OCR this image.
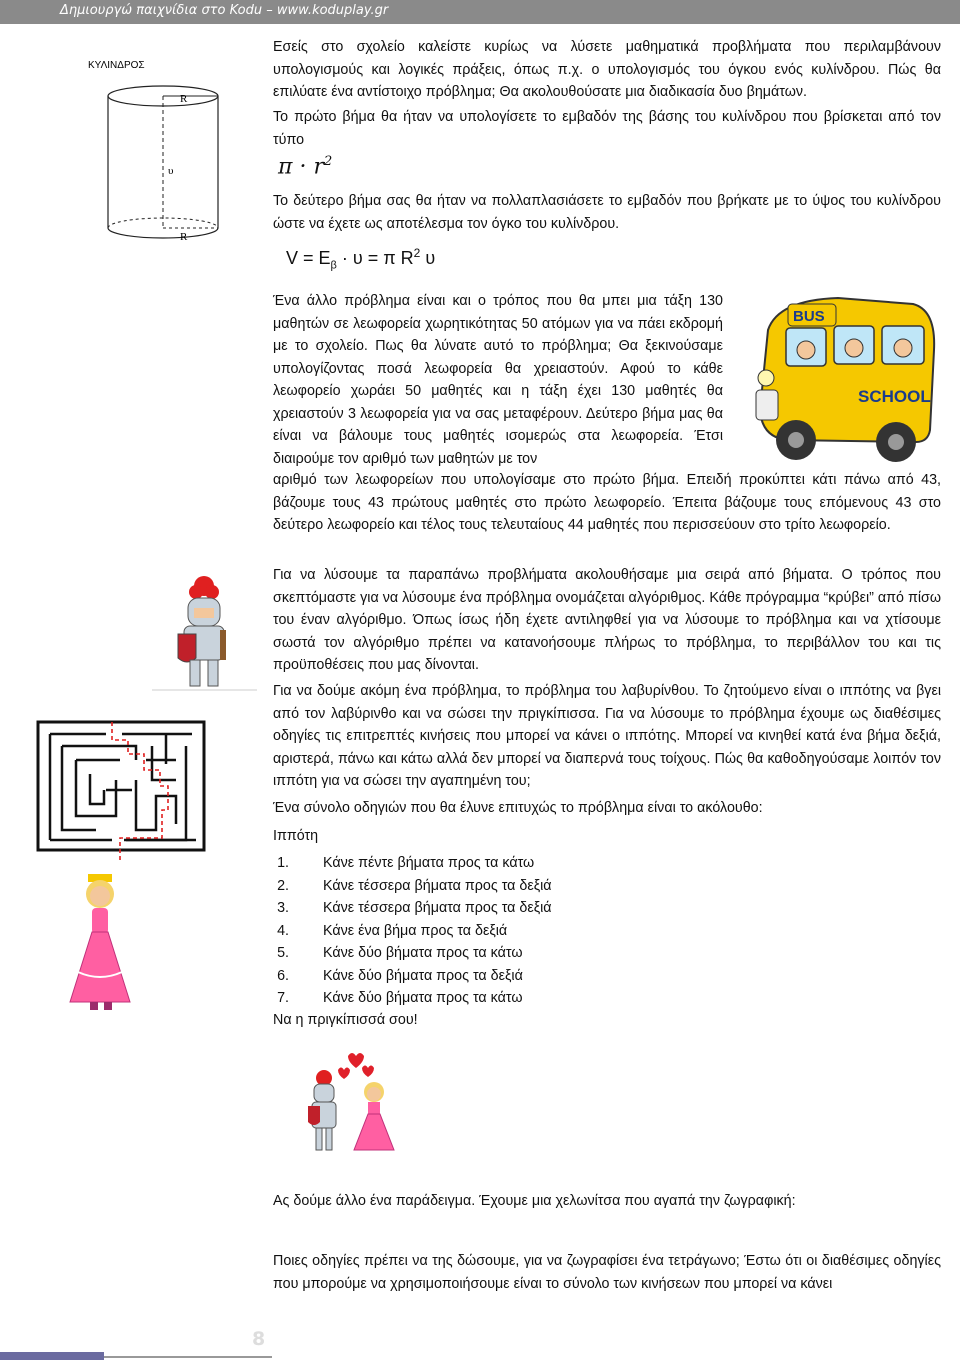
Δημιουργώ παιχνίδια στο Kodu – www.koduplay.gr
ΚΥΛΙΝΔΡΟΣ
R
υ
R

Εσείς στο σχολείο καλείστε κυρίως να λύσετε μαθηματικά προβλήματα που περιλαμβάνουν υπολογισμούς και λογικές πράξεις, όπως π.χ. ο υπολογισμός του όγκου ενός κυλίνδρου. Πώς θα επιλύατε ένα αντίστοιχο πρόβλημα; Θα ακολουθούσατε μια διαδικασία δυο βημάτων.

Το πρώτο βήμα θα ήταν να υπολογίσετε το εμβαδόν της βάσης του κυλίνδρου που βρίσκεται από τον τύπο

$\pi \cdot r^2$

Το δεύτερο βήμα σας θα ήταν να πολλαπλασιάσετε το εμβαδόν που βρήκατε με το ύψος του κυλίνδρου ώστε να έχετε ως αποτέλεσμα τον όγκο του κυλίνδρου.

$V = E_\beta \cdot \upsilon = \pi$ $R^2$ υ
BUS
SCHOOL

Ένα άλλο πρόβλημα είναι και ο τρόπος που θα μπει μια τάξη 130 μαθητών σε λεωφορεία χωρητικότητας 50 ατόμων για να πάει εκδρομή με το σχολείο. Πως θα λύνατε αυτό το πρόβλημα; Θα ξεκινούσαμε υπολογίζοντας ποσά λεωφορεία θα χρειαστούν. Αφού το κάθε λεωφορείο χωράει 50 μαθητές και η τάξη έχει 130 μαθητές θα χρειαστούν 3 λεωφορεία για να σας μεταφέρουν. Δεύτερο βήμα μας θα είναι να βάλουμε τους μαθητές ισομερώς στα λεωφορεία. Έτσι διαιρούμε τον αριθμό των μαθητών με τον

αριθμό των λεωφορείων που υπολογίσαμε στο πρώτο βήμα. Επειδή προκύπτει κάτι πάνω από 43, βάζουμε τους 43 πρώτους μαθητές στο πρώτο λεωφορείο. Έπειτα βάζουμε τους επόμενους 43 στο δεύτερο λεωφορείο και τέλος τους τελευταίους 44 μαθητές που περισσεύουν στο τρίτο λεωφορείο.

Για να λύσουμε τα παραπάνω προβλήματα ακολουθήσαμε μια σειρά από βήματα. Ο τρόπος που σκεπτόμαστε για να λύσουμε ένα πρόβλημα ονομάζεται αλγόριθμος. Κάθε πρόγραμμα “κρύβει” από πίσω του έναν αλγόριθμο. Όπως ίσως ήδη έχετε αντιληφθεί για να λύσουμε το πρόβλημα και να χτίσουμε σωστά τον αλγόριθμο πρέπει να κατανοήσουμε πλήρως το πρόβλημα, το περιβάλλον του και τις προϋποθέσεις που μας δίνονται.

Για να δούμε ακόμη ένα πρόβλημα, το πρόβλημα του λαβυρίνθου. Το ζητούμενο είναι ο ιππότης να βγει από τον λαβύρινθο και να σώσει την πριγκίπισσα. Για να λύσουμε το πρόβλημα έχουμε ως διαθέσιμες οδηγίες τις επιτρεπτές κινήσεις που μπορεί να κάνει ο ιππότης. Μπορεί να κινηθεί κατά ένα βήμα δεξιά, αριστερά, πάνω και κάτω αλλά δεν μπορεί να διαπερνά τους τοίχους. Πώς θα καθοδηγούσαμε λοιπόν τον ιππότη για να σώσει την αγαπημένη του;

Ένα σύνολο οδηγιών που θα έλυνε επιτυχώς το πρόβλημα είναι το ακόλουθο:

Ιππότη

1. Κάνε πέντε βήματα προς τα κάτω
2. Κάνε τέσσερα βήματα προς τα δεξιά
3. Κάνε τέσσερα βήματα προς τα δεξιά
4. Κάνε ένα βήμα προς τα δεξιά
5. Κάνε δύο βήματα προς τα κάτω
6. Κάνε δύο βήματα προς τα δεξιά
7. Κάνε δύο βήματα προς τα κάτω

Να η πριγκίπισσά σου!

Ας δούμε άλλο ένα παράδειγμα. Έχουμε μια χελωνίτσα που αγαπά την ζωγραφική:

Ποιες οδηγίες πρέπει να της δώσουμε, για να ζωγραφίσει ένα τετράγωνο; Έστω ότι οι διαθέσιμες οδηγίες που μπορούμε να χρησιμοποιήσουμε είναι το σύνολο των κινήσεων που μπορεί να κάνει

8
